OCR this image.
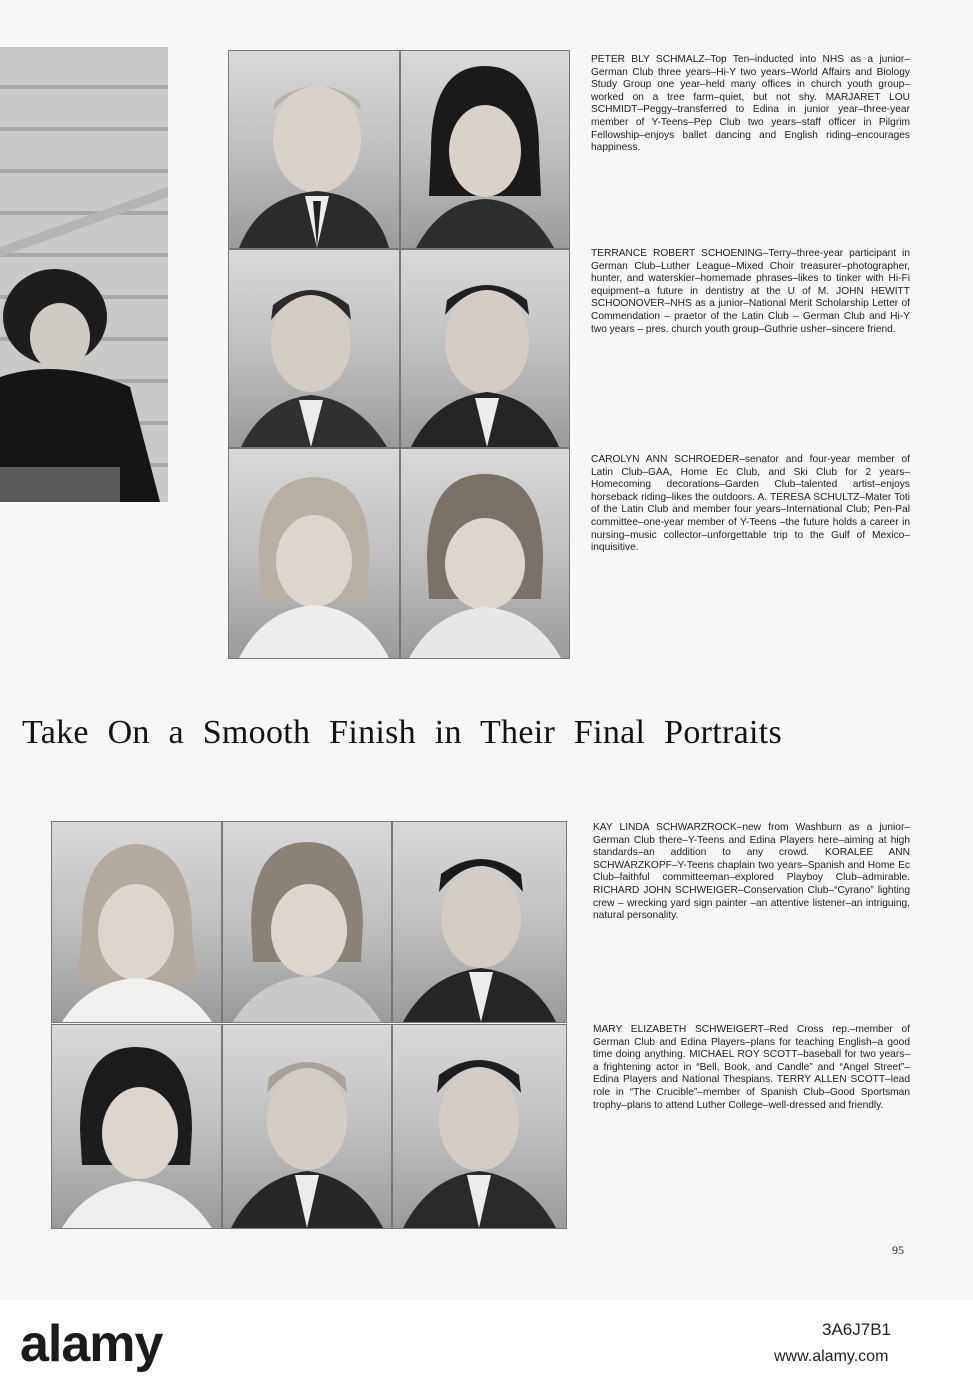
PETER BLY SCHMALZ–Top Ten–inducted into NHS as a junior–German Club three years–Hi-Y two years–World Affairs and Biology Study Group one year–held many offices in church youth group–worked on a tree farm–quiet, but not shy. MARJARET LOU SCHMIDT–Peggy–transferred to Edina in junior year–three-year member of Y-Teens–Pep Club two years–staff officer in Pilgrim Fellowship–enjoys ballet dancing and English riding–encourages happiness.

TERRANCE ROBERT SCHOENING–Terry–three-year participant in German Club–Luther League–Mixed Choir treasurer–photographer, hunter, and waterskier–homemade phrases–likes to tinker with Hi-Fi equipment–a future in dentistry at the U of M. JOHN HEWITT SCHOONOVER–NHS as a junior–National Merit Scholarship Letter of Commendation – praetor of the Latin Club – German Club and Hi-Y two years – pres. church youth group–Guthrie usher–sincere friend.

CAROLYN ANN SCHROEDER–senator and four-year member of Latin Club–GAA, Home Ec Club, and Ski Club for 2 years–Homecoming decorations–Garden Club–talented artist–enjoys horseback riding–likes the outdoors. A. TERESA SCHULTZ–Mater Toti of the Latin Club and member four years–International Club; Pen-Pal committee–one-year member of Y-Teens –the future holds a career in nursing–music collector–unforgettable trip to the Gulf of Mexico–inquisitive.

Take On a Smooth Finish in Their Final Portraits

KAY LINDA SCHWARZROCK–new from Washburn as a junior–German Club there–Y-Teens and Edina Players here–aiming at high standards–an addition to any crowd. KORALEE ANN SCHWARZKOPF–Y-Teens chaplain two years–Spanish and Home Ec Club–faithful committeeman–explored Playboy Club–admirable. RICHARD JOHN SCHWEIGER–Conservation Club–“Cyrano” lighting crew – wrecking yard sign painter –an attentive listener–an intriguing, natural personality.

MARY ELIZABETH SCHWEIGERT–Red Cross rep.–member of German Club and Edina Players–plans for teaching English–a good time doing anything. MICHAEL ROY SCOTT–baseball for two years–a frightening actor in “Bell, Book, and Candle” and “Angel Street”–Edina Players and National Thespians. TERRY ALLEN SCOTT–lead role in “The Crucible”–member of Spanish Club–Good Sportsman trophy–plans to attend Luther College–well-dressed and friendly.

95
alamy	3A6J7B1
www.alamy.com
